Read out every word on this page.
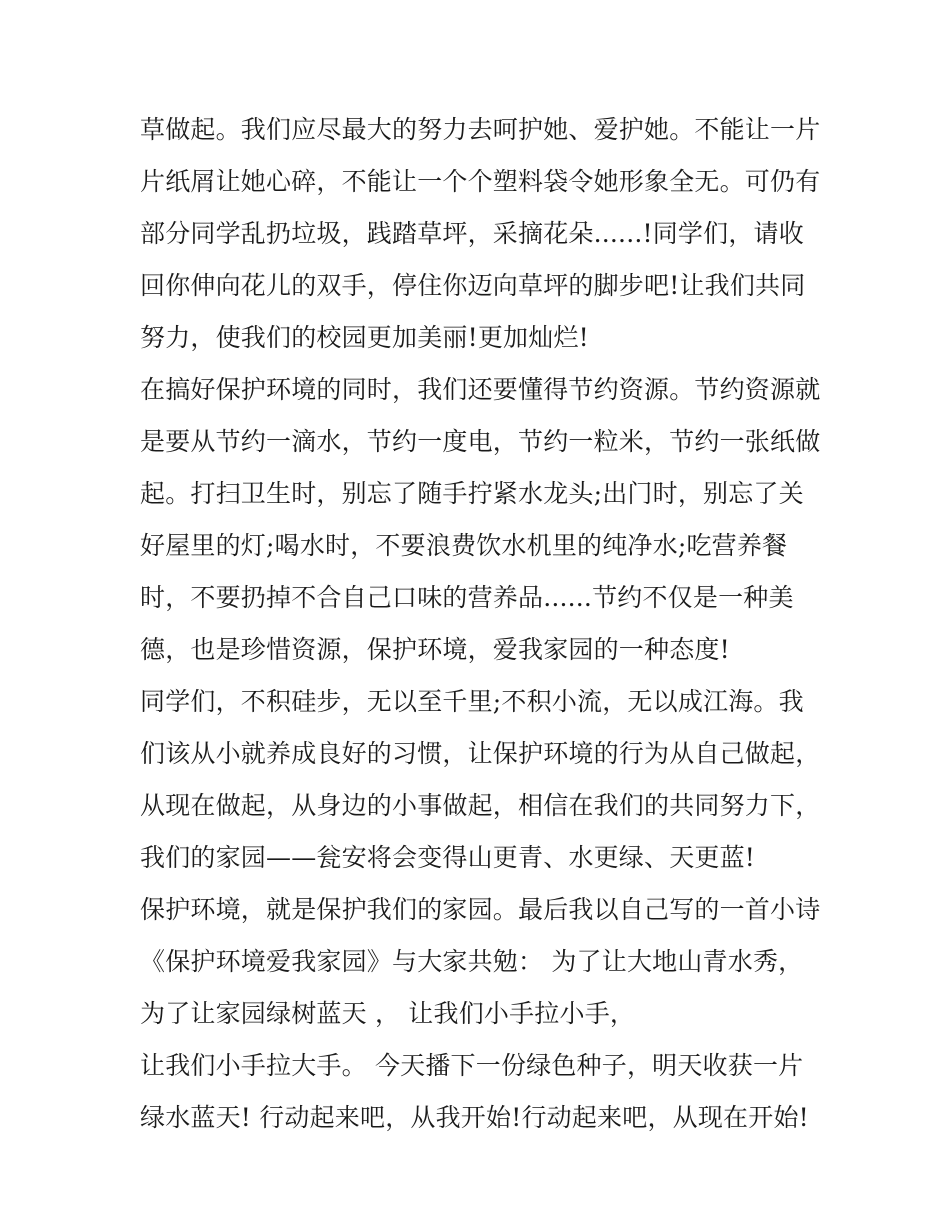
草做起。我们应尽最大的努力去呵护她、爱护她。不能让一片
片纸屑让她心碎，不能让一个个塑料袋令她形象全无。可仍有
部分同学乱扔垃圾，践踏草坪，采摘花朵......!同学们，请收
回你伸向花儿的双手，停住你迈向草坪的脚步吧!让我们共同
努力，使我们的校园更加美丽!更加灿烂!
在搞好保护环境的同时，我们还要懂得节约资源。节约资源就
是要从节约一滴水，节约一度电，节约一粒米，节约一张纸做
起。打扫卫生时，别忘了随手拧紧水龙头;出门时，别忘了关
好屋里的灯;喝水时，不要浪费饮水机里的纯净水;吃营养餐
时，不要扔掉不合自己口味的营养品......节约不仅是一种美
德，也是珍惜资源，保护环境，爱我家园的一种态度!
同学们，不积硅步，无以至千里;不积小流，无以成江海。我
们该从小就养成良好的习惯，让保护环境的行为从自己做起，
从现在做起，从身边的小事做起，相信在我们的共同努力下，
我们的家园——瓮安将会变得山更青、水更绿、天更蓝!
保护环境，就是保护我们的家园。最后我以自己写的一首小诗
《保护环境爱我家园》与大家共勉： 为了让大地山青水秀，
为了让家园绿树蓝天 ， 让我们小手拉小手，
让我们小手拉大手。 今天播下一份绿色种子，明天收获一片
绿水蓝天! 行动起来吧，从我开始!行动起来吧，从现在开始!
